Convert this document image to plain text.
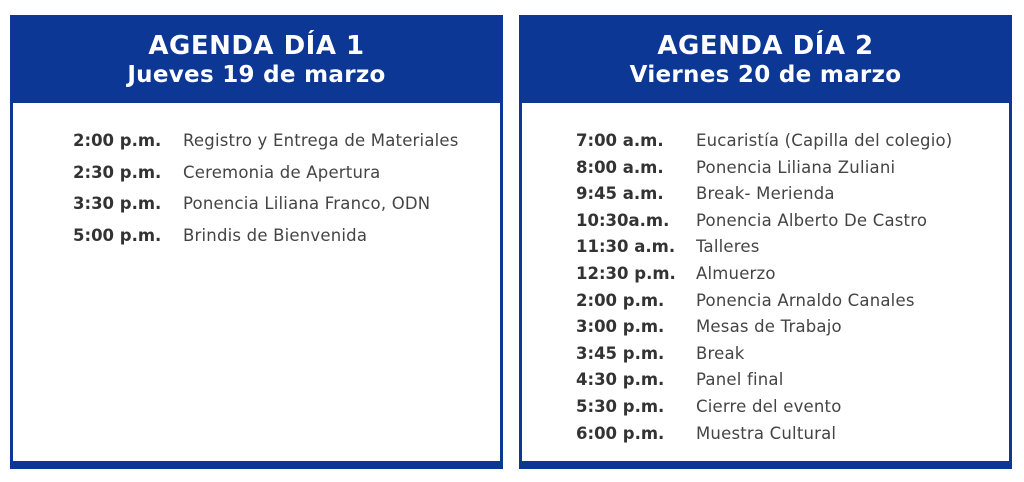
AGENDA DÍA 1
Jueves 19 de marzo
2:00 p.m.	Registro y Entrega de Materiales
2:30 p.m.	Ceremonia de Apertura
3:30 p.m.	Ponencia Liliana Franco, ODN
5:00 p.m.	Brindis de Bienvenida
AGENDA DÍA 2
Viernes 20 de marzo
7:00 a.m.	Eucaristía (Capilla del colegio)
8:00 a.m.	Ponencia Liliana Zuliani
9:45 a.m.	Break- Merienda
10:30a.m.	Ponencia Alberto De Castro
11:30 a.m.	Talleres
12:30 p.m.	Almuerzo
2:00 p.m.	Ponencia Arnaldo Canales
3:00 p.m.	Mesas de Trabajo
3:45 p.m.	Break
4:30 p.m.	Panel final
5:30 p.m.	Cierre del evento
6:00 p.m.	Muestra Cultural
